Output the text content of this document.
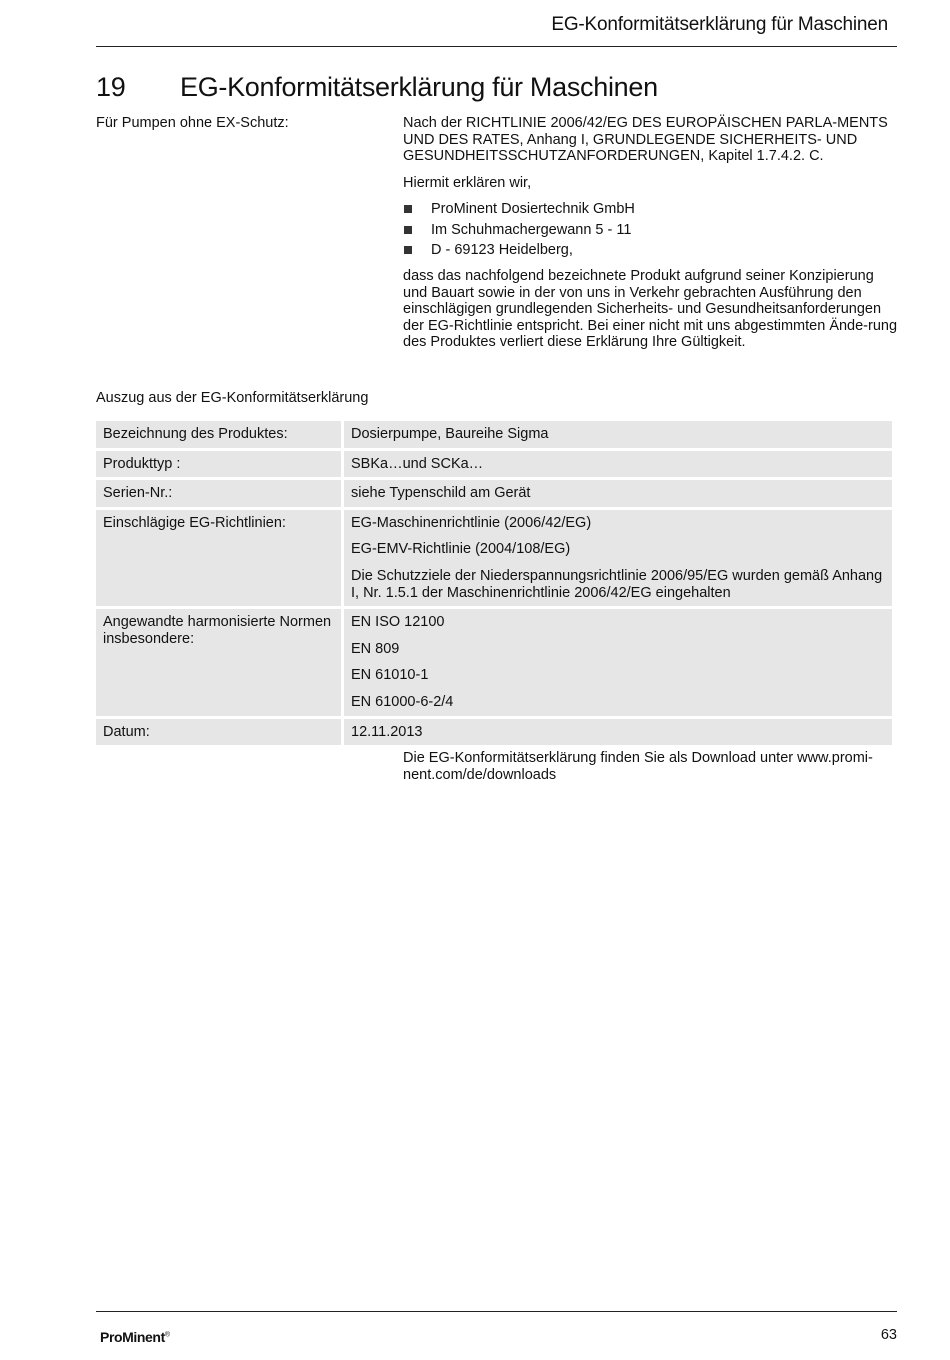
EG-Konformitätserklärung für Maschinen
19 EG-Konformitätserklärung für Maschinen
Für Pumpen ohne EX-Schutz:	Nach der RICHTLINIE 2006/42/EG DES EUROPÄISCHEN PARLA-MENTS UND DES RATES, Anhang I, GRUNDLEGENDE SICHERHEITS- UND GESUNDHEITSSCHUTZANFORDERUNGEN, Kapitel 1.7.4.2. C.

Hiermit erklären wir,

ProMinent Dosiertechnik GmbH
Im Schuhmachergewann 5 - 11
D - 69123 Heidelberg,

dass das nachfolgend bezeichnete Produkt aufgrund seiner Konzipierung und Bauart sowie in der von uns in Verkehr gebrachten Ausführung den einschlägigen grundlegenden Sicherheits- und Gesundheitsanforderungen der EG-Richtlinie entspricht. Bei einer nicht mit uns abgestimmten Ände-rung des Produktes verliert diese Erklärung Ihre Gültigkeit.

Auszug aus der EG-Konformitätserklärung
Bezeichnung des Produktes:	Dosierpumpe, Baureihe Sigma

Produkttyp :	SBKa…und SCKa…

Serien-Nr.:	siehe Typenschild am Gerät

Einschlägige EG-Richtlinien:	EG-Maschinenrichtlinie (2006/42/EG)
EG-EMV-Richtlinie (2004/108/EG)
Die Schutzziele der Niederspannungsrichtlinie 2006/95/EG wurden gemäß Anhang I, Nr. 1.5.1 der Maschinenrichtlinie 2006/42/EG eingehalten

Angewandte harmonisierte Normen insbesondere:	EN ISO 12100
EN 809
EN 61010-1
EN 61000-6-2/4

Datum:	12.11.2013

Die EG-Konformitätserklärung finden Sie als Download unter www.promi-nent.com/de/downloads

ProMinent®	63
